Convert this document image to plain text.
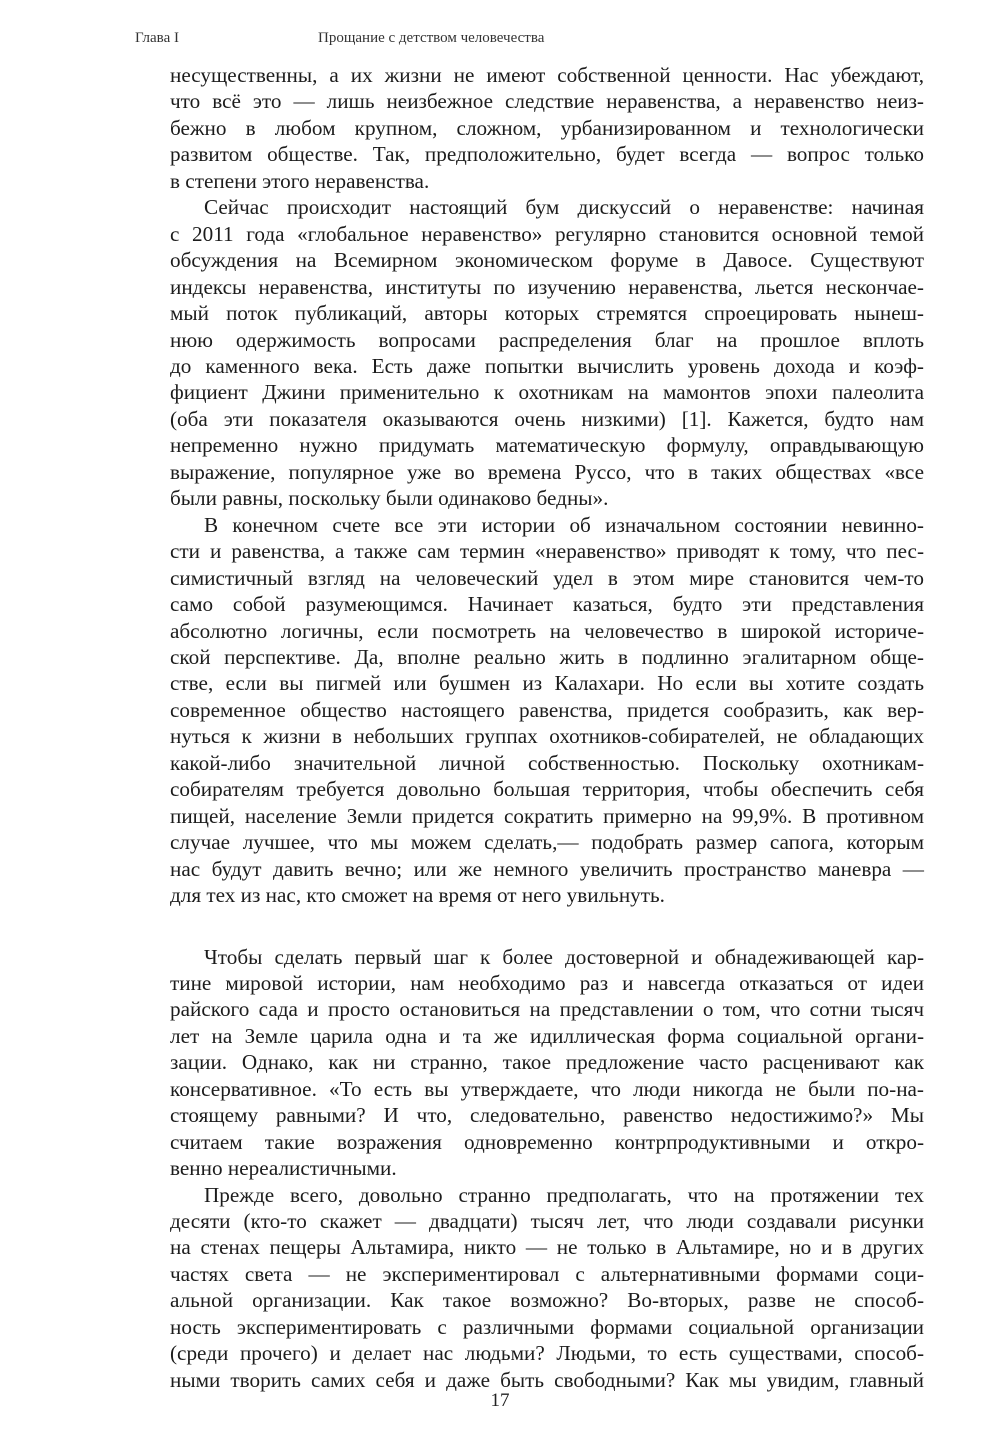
Глава I	Прощание с детством человечества

несущественны, а их жизни не имеют собственной ценности. Нас убеждают,
что всё это — лишь неизбежное следствие неравенства, а неравенство неиз-
бежно в любом крупном, сложном, урбанизированном и технологически
развитом обществе. Так, предположительно, будет всегда — вопрос только
в степени этого неравенства.

Сейчас происходит настоящий бум дискуссий о неравенстве: начиная
с 2011 года «глобальное неравенство» регулярно становится основной темой
обсуждения на Всемирном экономическом форуме в Давосе. Существуют
индексы неравенства, институты по изучению неравенства, льется нескончае-
мый поток публикаций, авторы которых стремятся спроецировать нынеш-
нюю одержимость вопросами распределения благ на прошлое вплоть
до каменного века. Есть даже попытки вычислить уровень дохода и коэф-
фициент Джини применительно к охотникам на мамонтов эпохи палеолита
(оба эти показателя оказываются очень низкими) [1]. Кажется, будто нам
непременно нужно придумать математическую формулу, оправдывающую
выражение, популярное уже во времена Руссо, что в таких обществах «все
были равны, поскольку были одинаково бедны».

В конечном счете все эти истории об изначальном состоянии невинно-
сти и равенства, а также сам термин «неравенство» приводят к тому, что пес-
симистичный взгляд на человеческий удел в этом мире становится чем-то
само собой разумеющимся. Начинает казаться, будто эти представления
абсолютно логичны, если посмотреть на человечество в широкой историче-
ской перспективе. Да, вполне реально жить в подлинно эгалитарном обще-
стве, если вы пигмей или бушмен из Калахари. Но если вы хотите создать
современное общество настоящего равенства, придется сообразить, как вер-
нуться к жизни в небольших группах охотников-собирателей, не обладающих
какой-либо значительной личной собственностью. Поскольку охотникам-
собирателям требуется довольно большая территория, чтобы обеспечить себя
пищей, население Земли придется сократить примерно на 99,9%. В противном
случае лучшее, что мы можем сделать,— подобрать размер сапога, которым
нас будут давить вечно; или же немного увеличить пространство маневра —
для тех из нас, кто сможет на время от него увильнуть.

Чтобы сделать первый шаг к более достоверной и обнадеживающей кар-
тине мировой истории, нам необходимо раз и навсегда отказаться от идеи
райского сада и просто остановиться на представлении о том, что сотни тысяч
лет на Земле царила одна и та же идиллическая форма социальной органи-
зации. Однако, как ни странно, такое предложение часто расценивают как
консервативное. «То есть вы утверждаете, что люди никогда не были по-на-
стоящему равными? И что, следовательно, равенство недостижимо?» Мы
считаем такие возражения одновременно контрпродуктивными и откро-
венно нереалистичными.

Прежде всего, довольно странно предполагать, что на протяжении тех
десяти (кто-то скажет — двадцати) тысяч лет, что люди создавали рисунки
на стенах пещеры Альтамира, никто — не только в Альтамире, но и в других
частях света — не экспериментировал с альтернативными формами соци-
альной организации. Как такое возможно? Во-вторых, разве не способ-
ность экспериментировать с различными формами социальной организации
(среди прочего) и делает нас людьми? Людьми, то есть существами, способ-
ными творить самих себя и даже быть свободными? Как мы увидим, главный

17
